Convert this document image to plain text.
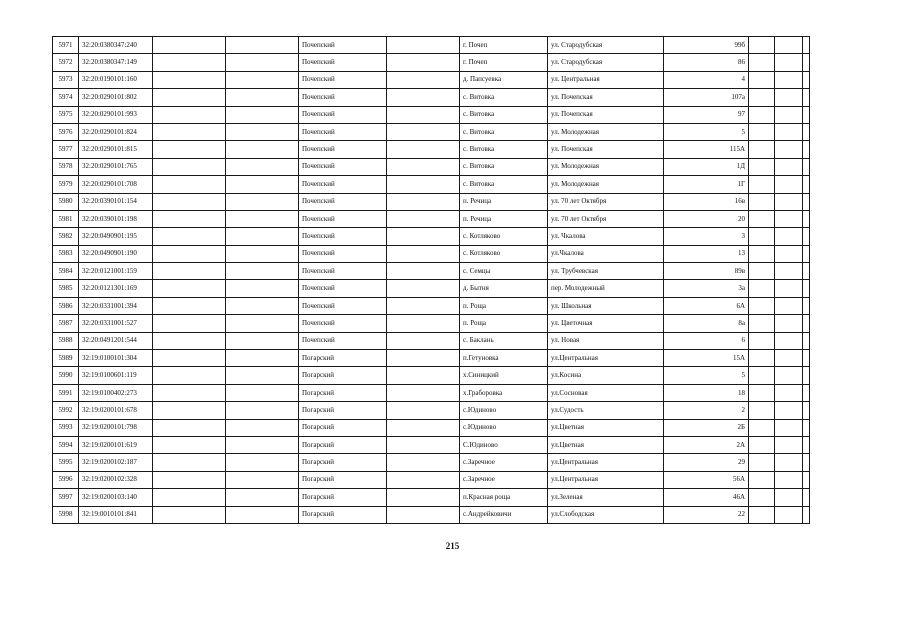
5971	32:20:0380347:240			Почепский		г. Почеп	ул. Стародубская	99б			
5972	32:20:0380347:149			Почепский		г. Почеп	ул. Стародубская	86			
5973	32:20:0190101:160			Почепский		д. Папсуевка	ул. Центральная	4			
5974	32:20:0290101:802			Почепский		с. Витовка	ул. Почепская	107а			
5975	32:20:0290101:993			Почепский		с. Витовка	ул. Почепская	97			
5976	32:20:0290101:824			Почепский		с. Витовка	ул. Молодежная	5			
5977	32:20:0290101:815			Почепский		с. Витовка	ул. Почепская	115А			
5978	32:20:0290101:765			Почепский		с. Витовка	ул. Молодежная	1Д			
5979	32:20:0290101:708			Почепский		с. Витовка	ул. Молодежная	1Г			
5980	32:20:0390101:154			Почепский		п. Речица	ул. 70 лет Октября	16в			
5981	32:20:0390101:198			Почепский		п. Речица	ул. 70 лет Октября	20			
5982	32:20:0490901:195			Почепский		с. Котляково	ул. Чкалова	3			
5983	32:20:0490901:190			Почепский		с. Котляково	ул.Чкалова	13			
5984	32:20:0121001:159			Почепский		с. Семцы	ул. Трубчевская	89в			
5985	32:20:0121301:169			Почепский		д. Бытня	пер. Молодежный	3а			
5986	32:20:0331001:394			Почепский		п. Роща	ул. Школьная	6А			
5987	32:20:0331001:527			Почепский		п. Роща	ул. Цветочная	8а			
5988	32:20:0491201:544			Почепский		с. Баклань	ул. Новая	6			
5989	32:19:0100101:304			Погарский		п.Гетуновка	ул.Центральная	15А			
5990	32:19:0100601:119			Погарский		х.Синицкий	ул.Косина	5			
5991	32:19:0100402:273			Погарский		х.Граборовка	ул.Сосновая	18			
5992	32:19:0200101:678			Погарский		с.Юдиново	ул.Судость	2			
5993	32:19:0200101:798			Погарский		с.Юдиново	ул.Цветная	2Б			
5994	32:19:0200101:619			Погарский		С.Юдиново	ул.Цветная	2А			
5995	32:19:0200102:187			Погарский		с.Заречное	ул.Центральная	29			
5996	32:19:0200102:328			Погарский		с.Заречное	ул.Центральная	56А			
5997	32:19:0200103:140			Погарский		п.Красная роща	ул.Зеленая	46А			
5998	32:19:0010101:841			Погарский		с.Андрейковичи	ул.Слободская	22			
215
